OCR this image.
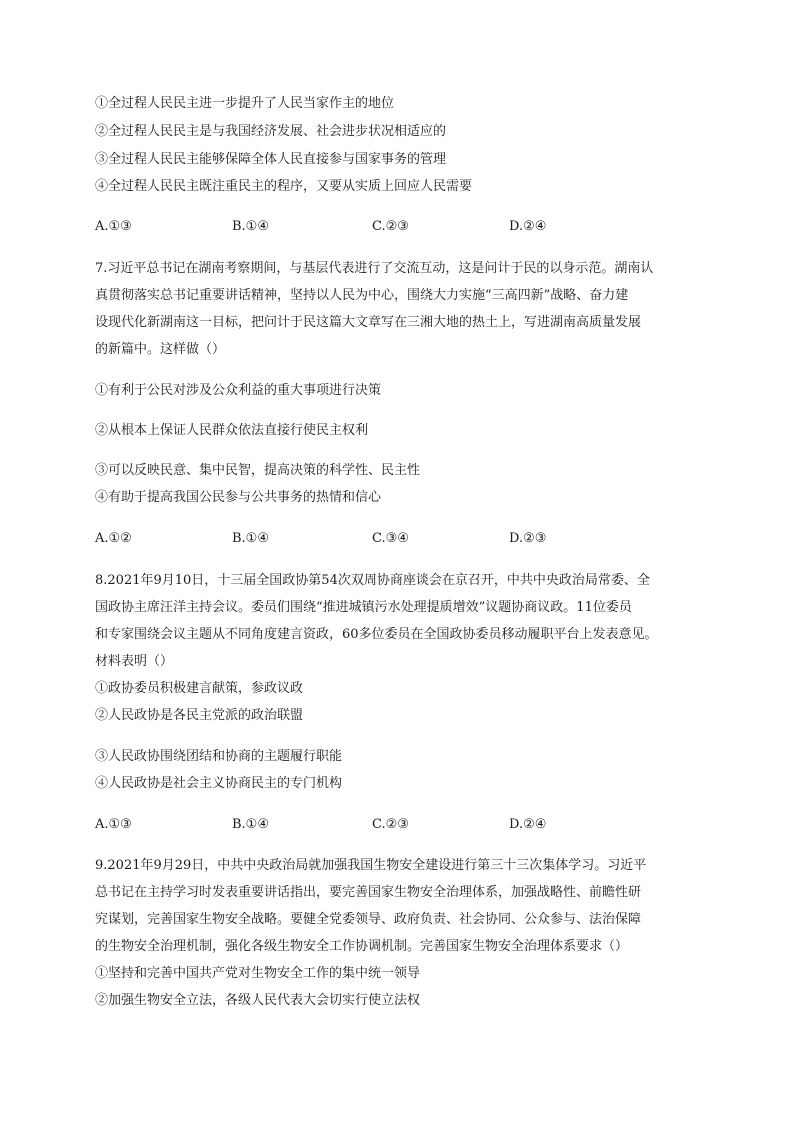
①全过程人民民主进一步提升了人民当家作主的地位
②全过程人民民主是与我国经济发展、社会进步状况相适应的
③全过程人民民主能够保障全体人民直接参与国家事务的管理
④全过程人民民主既注重民主的程序，又要从实质上回应人民需要
A.①③	B.①④	C.②③	D.②④
7.习近平总书记在湖南考察期间，与基层代表进行了交流互动，这是问计于民的以身示范。湖南认
真贯彻落实总书记重要讲话精神，坚持以人民为中心，围绕大力实施“三高四新”战略、奋力建
设现代化新湖南这一目标，把问计于民这篇大文章写在三湘大地的热土上，写进湖南高质量发展
的新篇中。这样做（）
①有利于公民对涉及公众利益的重大事项进行决策
②从根本上保证人民群众依法直接行使民主权利
③可以反映民意、集中民智，提高决策的科学性、民主性
④有助于提高我国公民参与公共事务的热情和信心
A.①②	B.①④	C.③④	D.②③
8.2021年9月10日，十三届全国政协第54次双周协商座谈会在京召开，中共中央政治局常委、全
国政协主席汪洋主持会议。委员们围绕“推进城镇污水处理提质增效”议题协商议政。11位委员
和专家围绕会议主题从不同角度建言资政，60多位委员在全国政协委员移动履职平台上发表意见。
材料表明（）
①政协委员积极建言献策，参政议政
②人民政协是各民主党派的政治联盟
③人民政协围绕团结和协商的主题履行职能
④人民政协是社会主义协商民主的专门机构
A.①③	B.①④	C.②③	D.②④
9.2021年9月29日，中共中央政治局就加强我国生物安全建设进行第三十三次集体学习。习近平
总书记在主持学习时发表重要讲话指出，要完善国家生物安全治理体系，加强战略性、前瞻性研
究谋划，完善国家生物安全战略。要健全党委领导、政府负责、社会协同、公众参与、法治保障
的生物安全治理机制，强化各级生物安全工作协调机制。完善国家生物安全治理体系要求（）
①坚持和完善中国共产党对生物安全工作的集中统一领导
②加强生物安全立法，各级人民代表大会切实行使立法权
